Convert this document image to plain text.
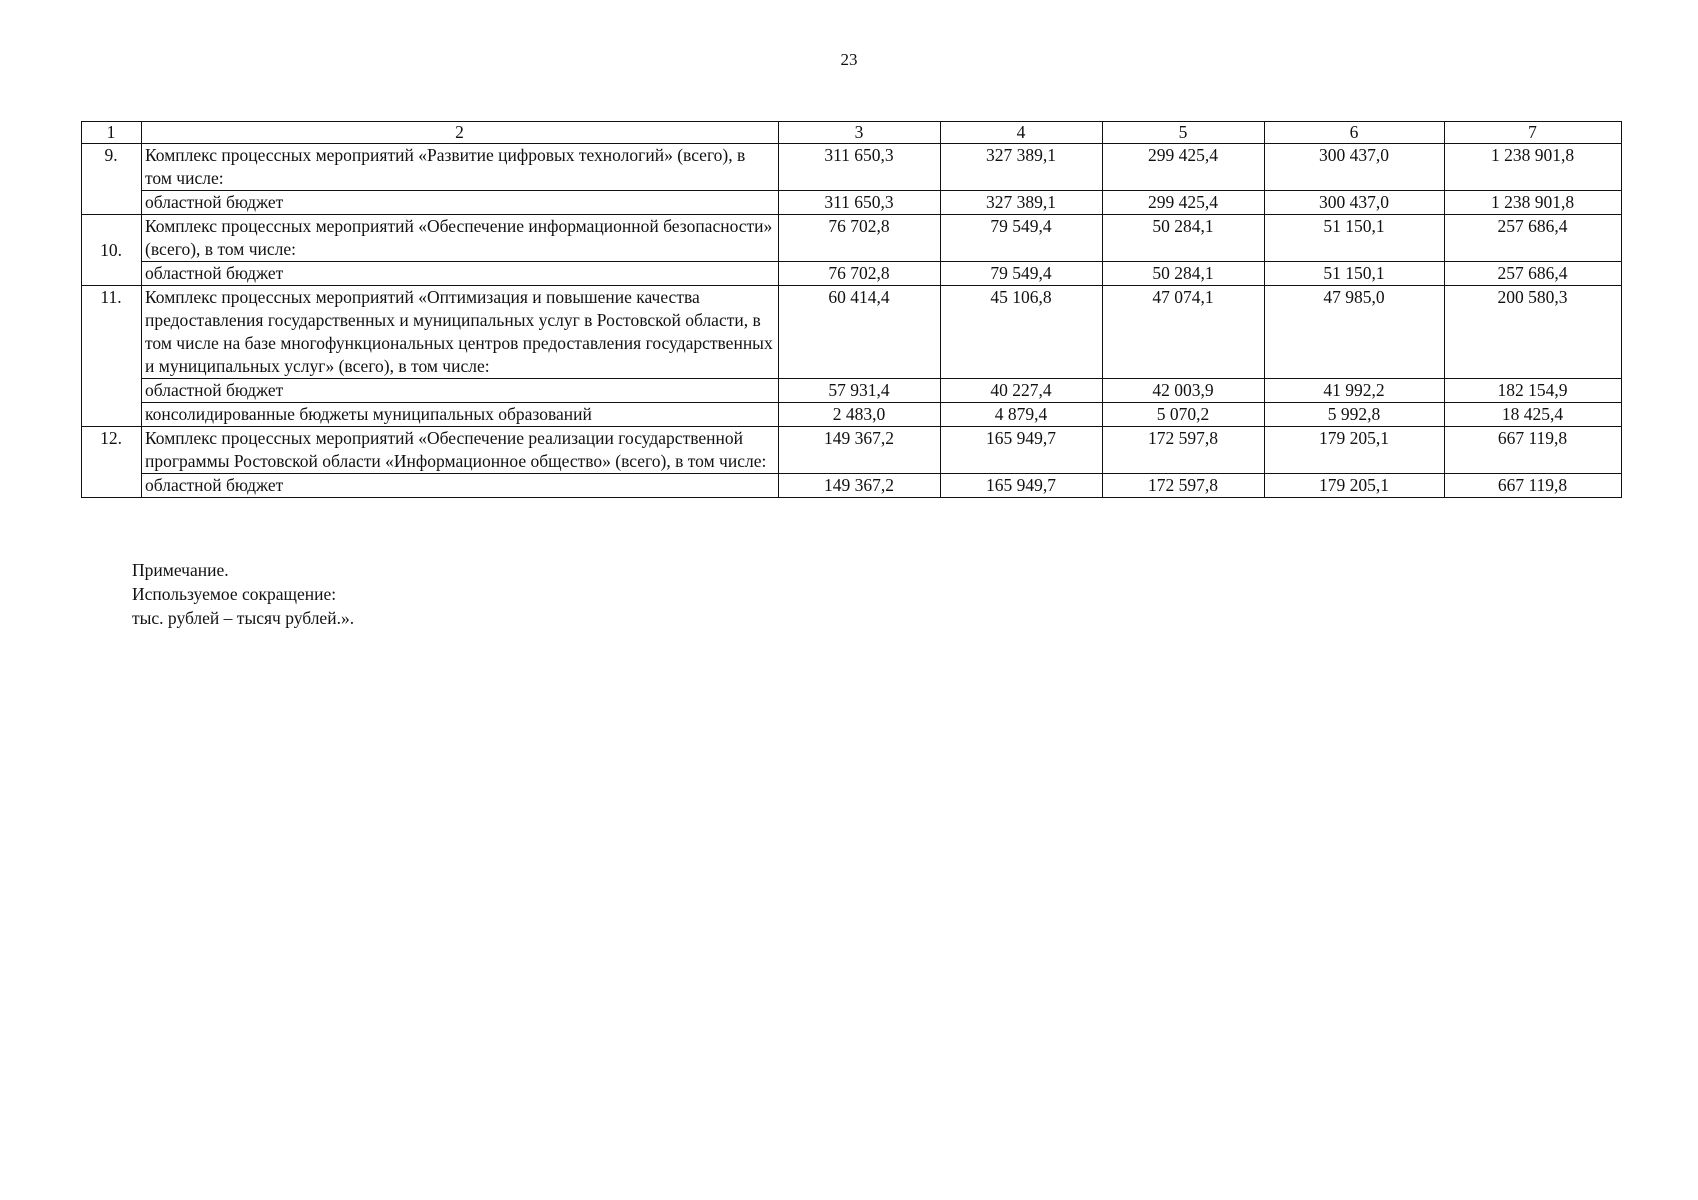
23
1	2	3	4	5	6	7
9.	Комплекс процессных мероприятий «Развитие цифровых технологий» (всего), в том числе:	311 650,3	327 389,1	299 425,4	300 437,0	1 238 901,8
	областной бюджет	311 650,3	327 389,1	299 425,4	300 437,0	1 238 901,8
10.	Комплекс процессных мероприятий «Обеспечение информационной безопасности» (всего), в том числе:	76 702,8	79 549,4	50 284,1	51 150,1	257 686,4
	областной бюджет	76 702,8	79 549,4	50 284,1	51 150,1	257 686,4
11.	Комплекс процессных мероприятий «Оптимизация и повышение качества предоставления государственных и муниципальных услуг в Ростовской области, в том числе на базе многофункциональных центров предоставления государственных и муниципальных услуг» (всего), в том числе:	60 414,4	45 106,8	47 074,1	47 985,0	200 580,3
	областной бюджет	57 931,4	40 227,4	42 003,9	41 992,2	182 154,9
	консолидированные бюджеты муниципальных образований	2 483,0	4 879,4	5 070,2	5 992,8	18 425,4
12.	Комплекс процессных мероприятий «Обеспечение реализации государственной программы Ростовской области «Информационное общество» (всего), в том числе:	149 367,2	165 949,7	172 597,8	179 205,1	667 119,8
	областной бюджет	149 367,2	165 949,7	172 597,8	179 205,1	667 119,8
Примечание.
Используемое сокращение:
тыс. рублей – тысяч рублей.».
